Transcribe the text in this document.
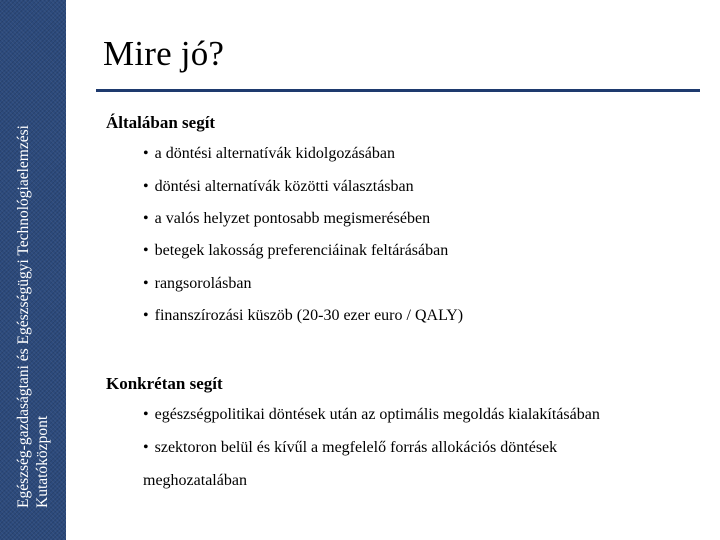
Egészség-gazdaságtani és Egészségügyi Technológiaelemzési Kutatóközpont
Mire jó?
Általában segít
• a döntési alternatívák kidolgozásában
• döntési alternatívák közötti választásban
• a valós helyzet pontosabb megismerésében
• betegek lakosság preferenciáinak feltárásában
• rangsorolásban
• finanszírozási küszöb (20-30 ezer euro / QALY)
Konkrétan segít
• egészségpolitikai döntések után az optimális megoldás kialakításában
• szektoron belül és kívűl a megfelelő forrás allokációs döntések
meghozatalában
